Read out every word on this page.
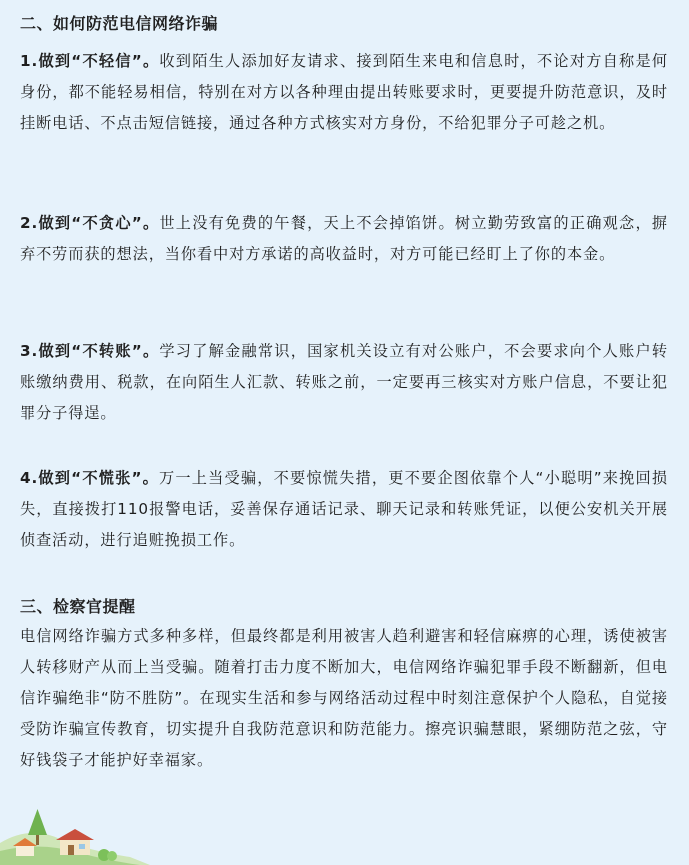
二、如何防范电信网络诈骗
1.做到“不轻信”。收到陌生人添加好友请求、接到陌生来电和信息时，不论对方自称是何身份，都不能轻易相信，特别在对方以各种理由提出转账要求时，更要提升防范意识，及时挂断电话、不点击短信链接，通过各种方式核实对方身份，不给犯罪分子可趁之机。
2.做到“不贪心”。世上没有免费的午餐，天上不会掉馅饼。树立勤劳致富的正确观念，摒弃不劳而获的想法，当你看中对方承诺的高收益时，对方可能已经盯上了你的本金。
3.做到“不转账”。学习了解金融常识，国家机关设立有对公账户，不会要求向个人账户转账缴纳费用、税款，在向陌生人汇款、转账之前，一定要再三核实对方账户信息，不要让犯罪分子得逞。
4.做到“不慌张”。万一上当受骗，不要惊慌失措，更不要企图依靠个人“小聪明”来挽回损失，直接拨打110报警电话，妥善保存通话记录、聊天记录和转账凭证，以便公安机关开展侦查活动，进行追赃挽损工作。
三、检察官提醒
电信网络诈骗方式多种多样，但最终都是利用被害人趋利避害和轻信麻痹的心理，诱使被害人转移财产从而上当受骗。随着打击力度不断加大，电信网络诈骗犯罪手段不断翻新，但电信诈骗绝非“防不胜防”。在现实生活和参与网络活动过程中时刻注意保护个人隐私，自觉接受防诈骗宣传教育，切实提升自我防范意识和防范能力。擦亮识骗慧眼，紧绷防范之弦，守好钱袋子才能护好幸福家。
